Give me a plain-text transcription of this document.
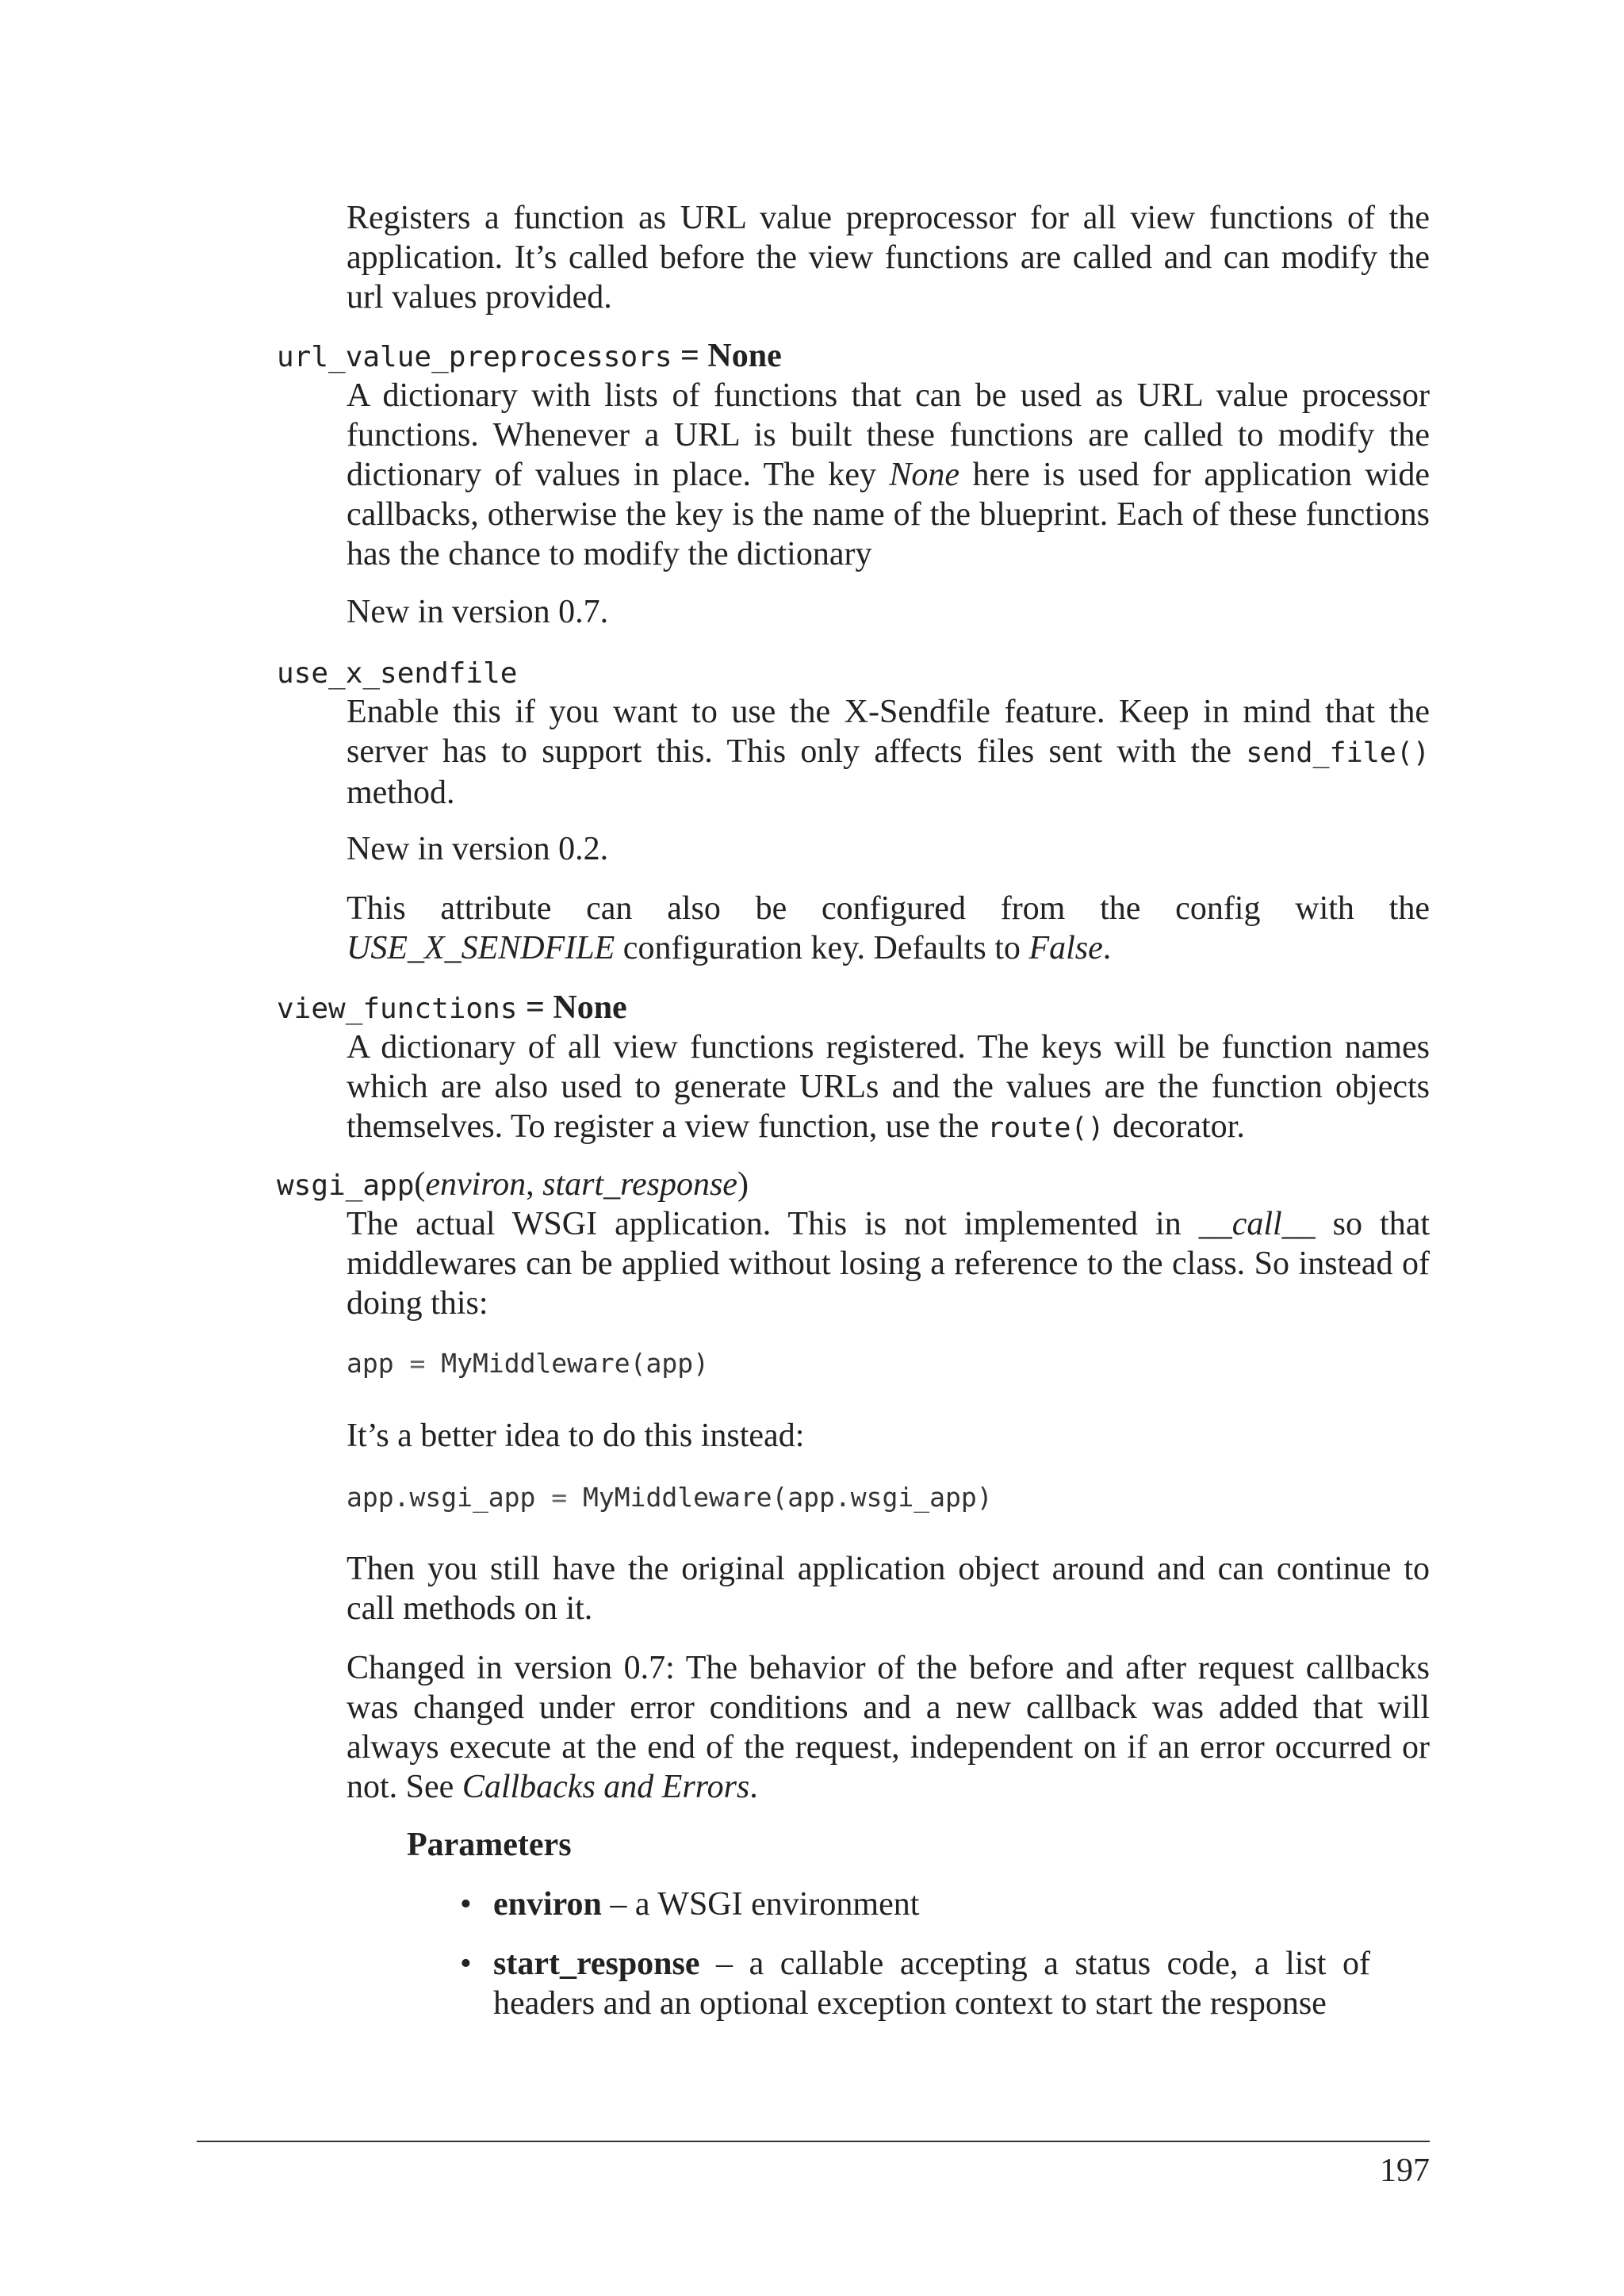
Registers a function as URL value preprocessor for all view functions of the application. It’s called before the view functions are called and can modify the url values provided.
url_value_preprocessors = None
A dictionary with lists of functions that can be used as URL value processor functions. Whenever a URL is built these functions are called to modify the dictionary of values in place. The key None here is used for application wide callbacks, otherwise the key is the name of the blueprint. Each of these functions has the chance to modify the dictionary
New in version 0.7.
use_x_sendfile
Enable this if you want to use the X-Sendfile feature. Keep in mind that the server has to support this. This only affects files sent with the send_file() method.
New in version 0.2.
This attribute can also be configured from the config with the USE_X_SENDFILE configuration key. Defaults to False.
view_functions = None
A dictionary of all view functions registered. The keys will be function names which are also used to generate URLs and the values are the function objects themselves. To register a view function, use the route() decorator.
wsgi_app(environ, start_response)
The actual WSGI application. This is not implemented in __call__ so that middlewares can be applied without losing a reference to the class. So instead of doing this:
app = MyMiddleware(app)
It’s a better idea to do this instead:
app.wsgi_app = MyMiddleware(app.wsgi_app)
Then you still have the original application object around and can continue to call methods on it.
Changed in version 0.7: The behavior of the before and after request callbacks was changed under error conditions and a new callback was added that will always execute at the end of the request, independent on if an error occurred or not. See Callbacks and Errors.
Parameters
• environ – a WSGI environment
• start_response – a callable accepting a status code, a list of headers and an optional exception context to start the response
197
